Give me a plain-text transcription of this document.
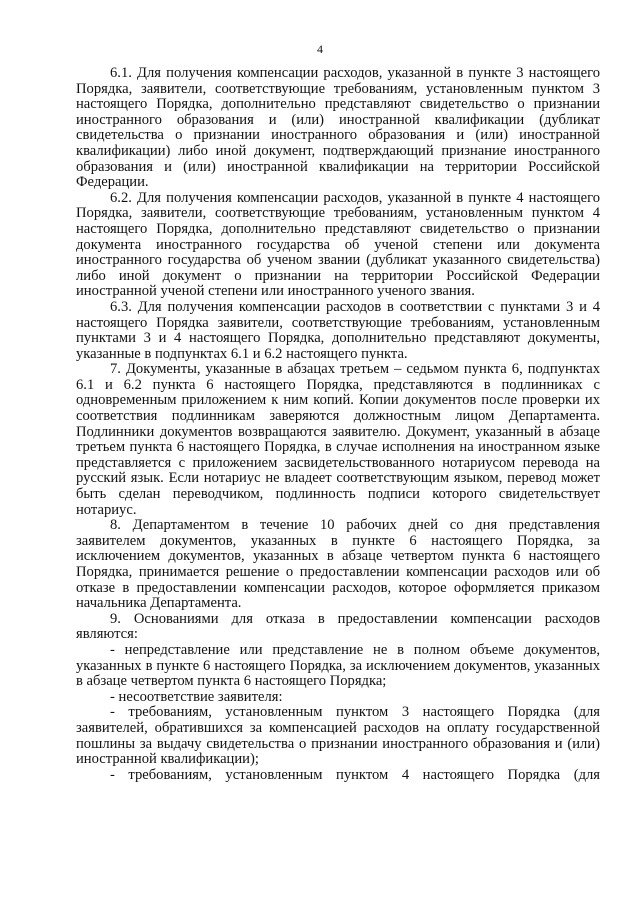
4

6.1. Для получения компенсации расходов, указанной в пункте 3 настоящего Порядка, заявители, соответствующие требованиям, установленным пунктом 3 настоящего Порядка, дополнительно представляют свидетельство о признании иностранного образования и (или) иностранной квалификации (дубликат свидетельства о признании иностранного образования и (или) иностранной квалификации) либо иной документ, подтверждающий признание иностранного образования и (или) иностранной квалификации на территории Российской Федерации.

6.2. Для получения компенсации расходов, указанной в пункте 4 настоящего Порядка, заявители, соответствующие требованиям, установленным пунктом 4 настоящего Порядка, дополнительно представляют свидетельство о признании документа иностранного государства об ученой степени или документа иностранного государства об ученом звании (дубликат указанного свидетельства) либо иной документ о признании на территории Российской Федерации иностранной ученой степени или иностранного ученого звания.

6.3. Для получения компенсации расходов в соответствии с пунктами 3 и 4 настоящего Порядка заявители, соответствующие требованиям, установленным пунктами 3 и 4 настоящего Порядка, дополнительно представляют документы, указанные в подпунктах 6.1 и 6.2 настоящего пункта.

7. Документы, указанные в абзацах третьем – седьмом пункта 6, подпунктах 6.1 и 6.2 пункта 6 настоящего Порядка, представляются в подлинниках с одновременным приложением к ним копий. Копии документов после проверки их соответствия подлинникам заверяются должностным лицом Департамента. Подлинники документов возвращаются заявителю. Документ, указанный в абзаце третьем пункта 6 настоящего Порядка, в случае исполнения на иностранном языке представляется с приложением засвидетельствованного нотариусом перевода на русский язык. Если нотариус не владеет соответствующим языком, перевод может быть сделан переводчиком, подлинность подписи которого свидетельствует нотариус.

8. Департаментом в течение 10 рабочих дней со дня представления заявителем документов, указанных в пункте 6 настоящего Порядка, за исключением документов, указанных в абзаце четвертом пункта 6 настоящего Порядка, принимается решение о предоставлении компенсации расходов или об отказе в предоставлении компенсации расходов, которое оформляется приказом начальника Департамента.

9. Основаниями для отказа в предоставлении компенсации расходов являются:

- непредставление или представление не в полном объеме документов, указанных в пункте 6 настоящего Порядка, за исключением документов, указанных в абзаце четвертом пункта 6 настоящего Порядка;

- несоответствие заявителя:

- требованиям, установленным пунктом 3 настоящего Порядка (для заявителей, обратившихся за компенсацией расходов на оплату государственной пошлины за выдачу свидетельства о признании иностранного образования и (или) иностранной квалификации);

- требованиям, установленным пунктом 4 настоящего Порядка (для
